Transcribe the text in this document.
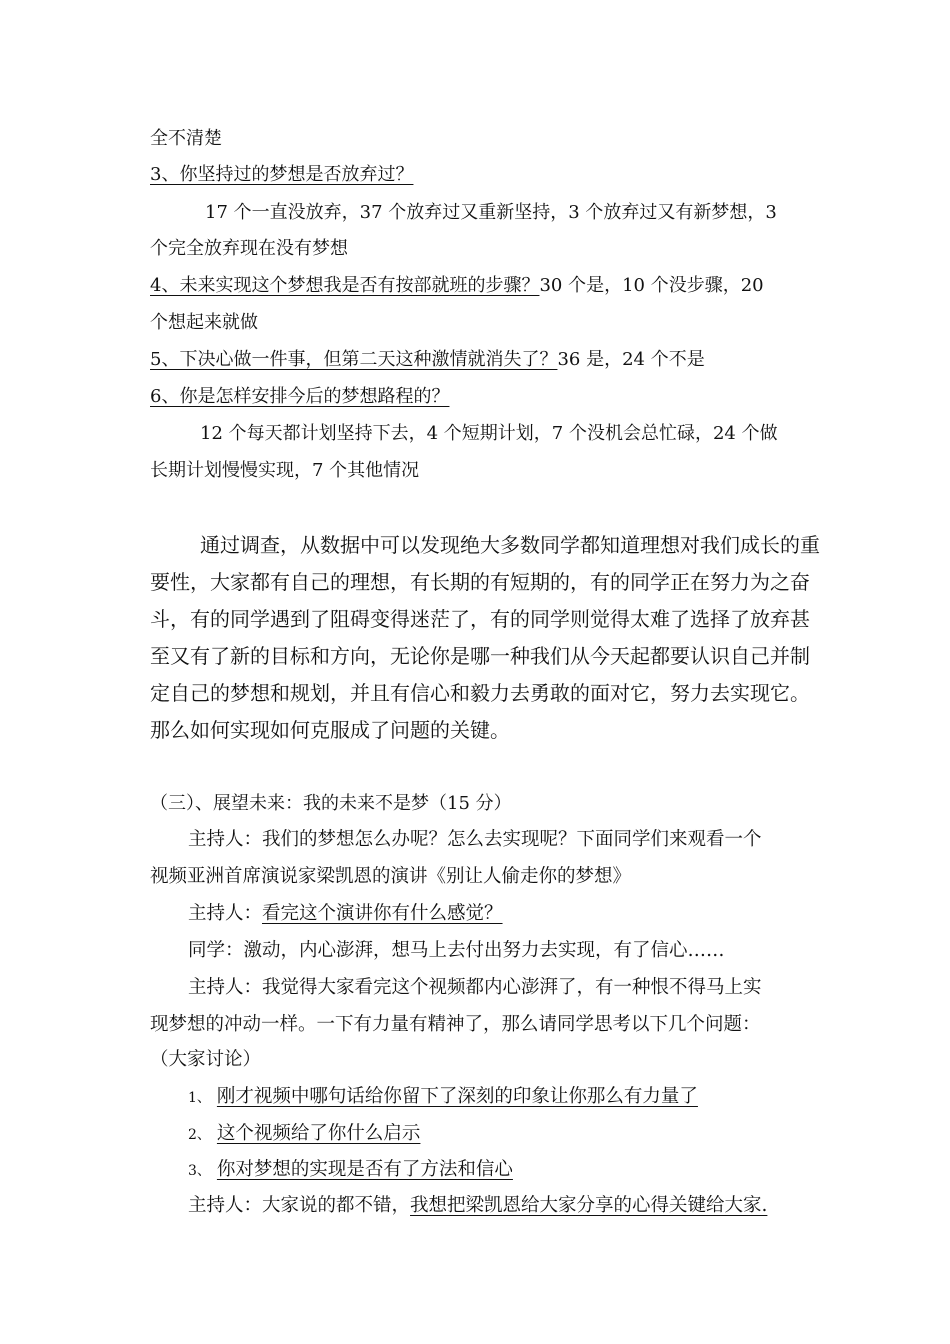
全不清楚
3、你坚持过的梦想是否放弃过？
17 个一直没放弃，37 个放弃过又重新坚持，3 个放弃过又有新梦想，3
个完全放弃现在没有梦想
4、未来实现这个梦想我是否有按部就班的步骤？30 个是，10 个没步骤，20
个想起来就做
5、下决心做一件事，但第二天这种激情就消失了？36 是，24 个不是
6、你是怎样安排今后的梦想路程的？
12 个每天都计划坚持下去，4 个短期计划，7 个没机会总忙碌，24 个做
长期计划慢慢实现，7 个其他情况
通过调查，从数据中可以发现绝大多数同学都知道理想对我们成长的重
要性，大家都有自己的理想，有长期的有短期的，有的同学正在努力为之奋
斗，有的同学遇到了阻碍变得迷茫了，有的同学则觉得太难了选择了放弃甚
至又有了新的目标和方向，无论你是哪一种我们从今天起都要认识自己并制
定自己的梦想和规划，并且有信心和毅力去勇敢的面对它，努力去实现它。
那么如何实现如何克服成了问题的关键。
（三）、展望未来：我的未来不是梦（15 分）
主持人：我们的梦想怎么办呢？怎么去实现呢？下面同学们来观看一个
视频亚洲首席演说家梁凯恩的演讲《别让人偷走你的梦想》
主持人：看完这个演讲你有什么感觉？
同学：激动，内心澎湃，想马上去付出努力去实现，有了信心……
主持人：我觉得大家看完这个视频都内心澎湃了，有一种恨不得马上实
现梦想的冲动一样。一下有力量有精神了，那么请同学思考以下几个问题：
（大家讨论）
1、 刚才视频中哪句话给你留下了深刻的印象让你那么有力量了
2、 这个视频给了你什么启示
3、 你对梦想的实现是否有了方法和信心
主持人：大家说的都不错，我想把梁凯恩给大家分享的心得关键给大家.
